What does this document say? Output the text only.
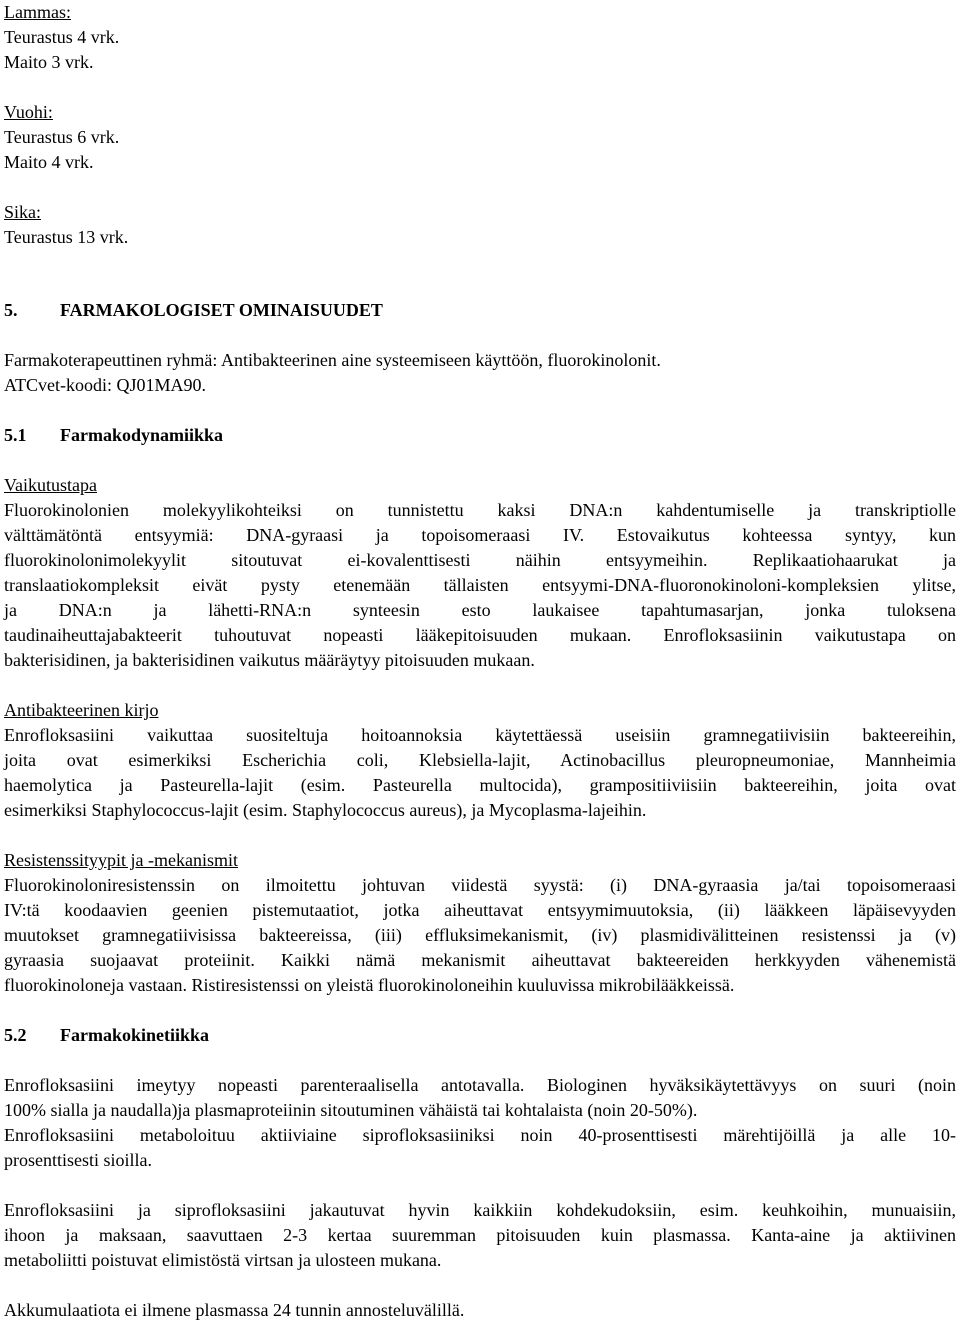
Lammas:
Teurastus 4 vrk.
Maito 3 vrk.
Vuohi:
Teurastus 6 vrk.
Maito 4 vrk.
Sika:
Teurastus 13 vrk.
5. FARMAKOLOGISET OMINAISUUDET
Farmakoterapeuttinen ryhmä: Antibakteerinen aine systeemiseen käyttöön, fluorokinolonit.
ATCvet-koodi: QJ01MA90.
5.1 Farmakodynamiikka
Vaikutustapa
Fluorokinolonien molekyylikohteiksi on tunnistettu kaksi DNA:n kahdentumiselle ja transkriptiolle
välttämätöntä entsyymiä: DNA-gyraasi ja topoisomeraasi IV. Estovaikutus kohteessa syntyy, kun
fluorokinolonimolekyylit sitoutuvat ei-kovalenttisesti näihin entsyymeihin. Replikaatiohaarukat ja
translaatiokompleksit eivät pysty etenemään tällaisten entsyymi-DNA-fluoronokinoloni-kompleksien ylitse,
ja DNA:n ja lähetti-RNA:n synteesin esto laukaisee tapahtumasarjan, jonka tuloksena
taudinaiheuttajabakteerit tuhoutuvat nopeasti lääkepitoisuuden mukaan. Enrofloksasiinin vaikutustapa on
bakterisidinen, ja bakterisidinen vaikutus määräytyy pitoisuuden mukaan.
Antibakteerinen kirjo
Enrofloksasiini vaikuttaa suositeltuja hoitoannoksia käytettäessä useisiin gramnegatiivisiin bakteereihin,
joita ovat esimerkiksi Escherichia coli, Klebsiella-lajit, Actinobacillus pleuropneumoniae, Mannheimia
haemolytica ja Pasteurella-lajit (esim. Pasteurella multocida), grampositiiviisiin bakteereihin, joita ovat
esimerkiksi Staphylococcus-lajit (esim. Staphylococcus aureus), ja Mycoplasma-lajeihin.
Resistenssityypit ja -mekanismit
Fluorokinoloniresistenssin on ilmoitettu johtuvan viidestä syystä: (i) DNA-gyraasia ja/tai topoisomeraasi
IV:tä koodaavien geenien pistemutaatiot, jotka aiheuttavat entsyymimuutoksia, (ii) lääkkeen läpäisevyyden
muutokset gramnegatiivisissa bakteereissa, (iii) effluksimekanismit, (iv) plasmidivälitteinen resistenssi ja (v)
gyraasia suojaavat proteiinit. Kaikki nämä mekanismit aiheuttavat bakteereiden herkkyyden vähenemistä
fluorokinoloneja vastaan. Ristiresistenssi on yleistä fluorokinoloneihin kuuluvissa mikrobilääkkeissä.
5.2 Farmakokinetiikka
Enrofloksasiini imeytyy nopeasti parenteraalisella antotavalla. Biologinen hyväksikäytettävyys on suuri (noin
100% sialla ja naudalla)ja plasmaproteiinin sitoutuminen vähäistä tai kohtalaista (noin 20-50%).
Enrofloksasiini metaboloituu aktiiviaine siprofloksasiiniksi noin 40-prosenttisesti märehtijöillä ja alle 10-
prosenttisesti sioilla.
Enrofloksasiini ja siprofloksasiini jakautuvat hyvin kaikkiin kohdekudoksiin, esim. keuhkoihin, munuaisiin,
ihoon ja maksaan, saavuttaen 2-3 kertaa suuremman pitoisuuden kuin plasmassa. Kanta-aine ja aktiivinen
metaboliitti poistuvat elimistöstä virtsan ja ulosteen mukana.
Akkumulaatiota ei ilmene plasmassa 24 tunnin annosteluvälillä.
